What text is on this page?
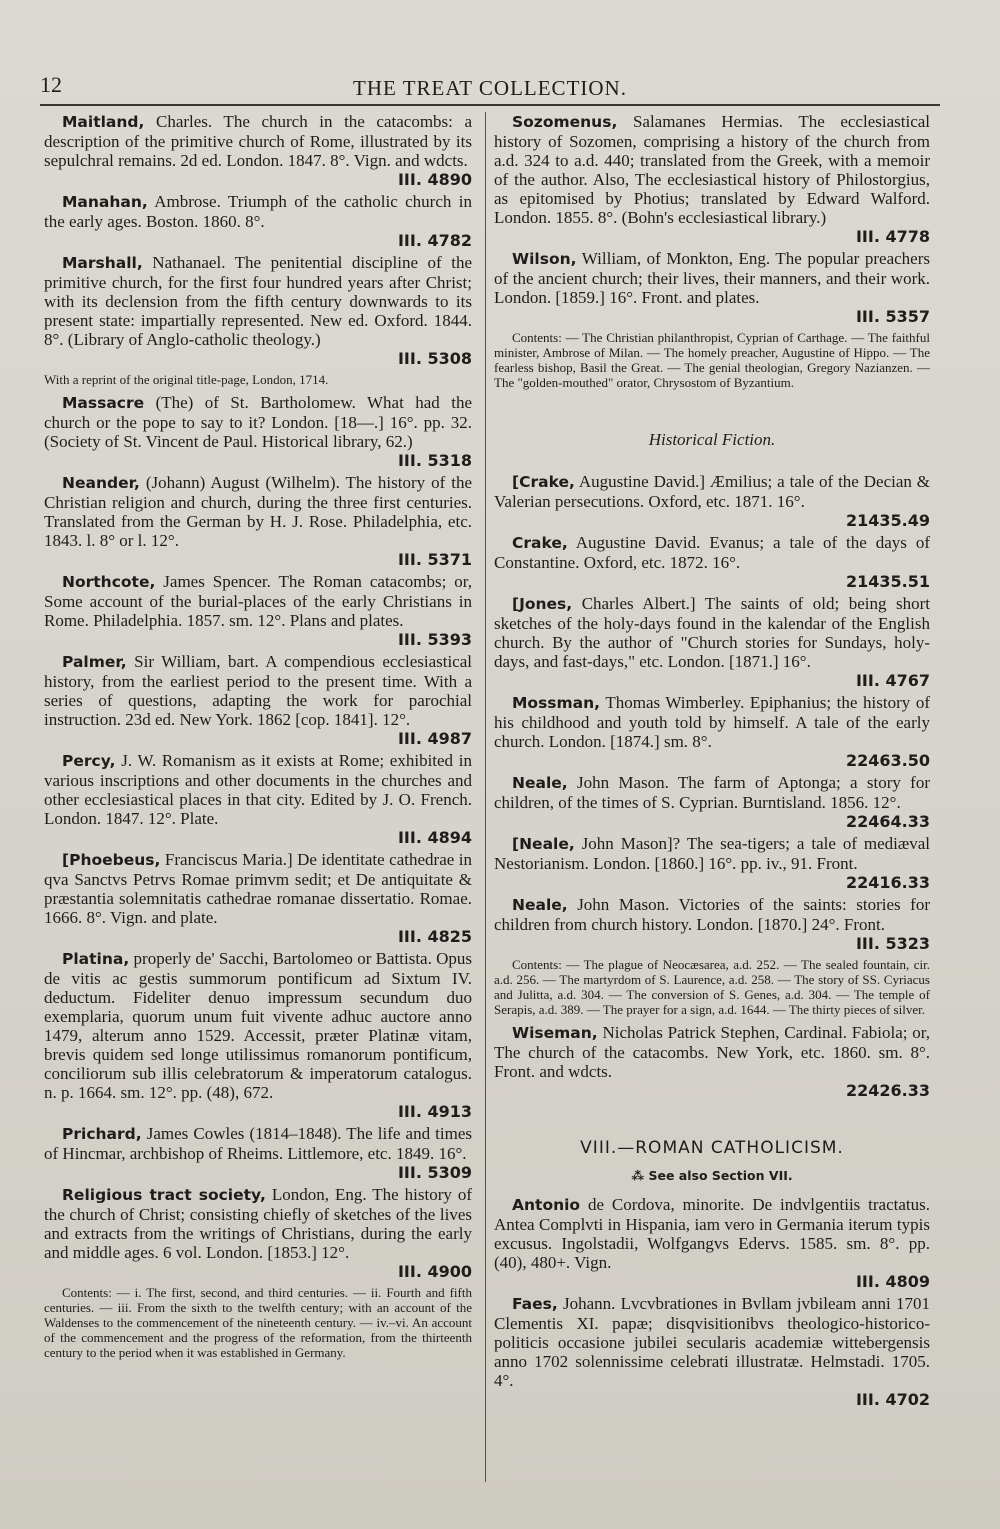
12	THE TREAT COLLECTION.
Maitland, Charles. The church in the catacombs: a description of the primitive church of Rome, illustrated by its sepulchral remains. 2d ed. London. 1847. 8°. Vign. and wdcts.
III. 4890
Manahan, Ambrose. Triumph of the catholic church in the early ages. Boston. 1860. 8°.
III. 4782
Marshall, Nathanael. The penitential discipline of the primitive church, for the first four hundred years after Christ; with its declension from the fifth century downwards to its present state: impartially represented. New ed. Oxford. 1844. 8°. (Library of Anglo-catholic theology.)
III. 5308
With a reprint of the original title-page, London, 1714.
Massacre (The) of St. Bartholomew. What had the church or the pope to say to it? London. [18—.] 16°. pp. 32. (Society of St. Vincent de Paul. Historical library, 62.)
III. 5318
Neander, (Johann) August (Wilhelm). The history of the Christian religion and church, during the three first centuries. Translated from the German by H. J. Rose. Philadelphia, etc. 1843. l. 8° or l. 12°.
III. 5371
Northcote, James Spencer. The Roman catacombs; or, Some account of the burial-places of the early Christians in Rome. Philadelphia. 1857. sm. 12°. Plans and plates.
III. 5393
Palmer, Sir William, bart. A compendious ecclesiastical history, from the earliest period to the present time. With a series of questions, adapting the work for parochial instruction. 23d ed. New York. 1862 [cop. 1841]. 12°.
III. 4987
Percy, J. W. Romanism as it exists at Rome; exhibited in various inscriptions and other documents in the churches and other ecclesiastical places in that city. Edited by J. O. French. London. 1847. 12°. Plate.
III. 4894
[Phoebeus, Franciscus Maria.] De identitate cathedrae in qva Sanctvs Petrvs Romae primvm sedit; et De antiquitate & præstantia solemnitatis cathedrae romanae dissertatio. Romae. 1666. 8°. Vign. and plate.
III. 4825
Platina, properly de' Sacchi, Bartolomeo or Battista. Opus de vitis ac gestis summorum pontificum ad Sixtum IV. deductum. Fideliter denuo impressum secundum duo exemplaria, quorum unum fuit vivente adhuc auctore anno 1479, alterum anno 1529. Accessit, præter Platinæ vitam, brevis quidem sed longe utilissimus romanorum pontificum, conciliorum sub illis celebratorum & imperatorum catalogus. n. p. 1664. sm. 12°. pp. (48), 672.
III. 4913
Prichard, James Cowles (1814–1848). The life and times of Hincmar, archbishop of Rheims. Littlemore, etc. 1849. 16°.
III. 5309
Religious tract society, London, Eng. The history of the church of Christ; consisting chiefly of sketches of the lives and extracts from the writings of Christians, during the early and middle ages. 6 vol. London. [1853.] 12°.
III. 4900
Contents: — i. The first, second, and third centuries. — ii. Fourth and fifth centuries. — iii. From the sixth to the twelfth century; with an account of the Waldenses to the commencement of the nineteenth century. — iv.–vi. An account of the commencement and the progress of the reformation, from the thirteenth century to the period when it was established in Germany.
Sozomenus, Salamanes Hermias. The ecclesiastical history of Sozomen, comprising a history of the church from a.d. 324 to a.d. 440; translated from the Greek, with a memoir of the author. Also, The ecclesiastical history of Philostorgius, as epitomised by Photius; translated by Edward Walford. London. 1855. 8°. (Bohn's ecclesiastical library.)
III. 4778
Wilson, William, of Monkton, Eng. The popular preachers of the ancient church; their lives, their manners, and their work. London. [1859.] 16°. Front. and plates.
III. 5357
Contents: — The Christian philanthropist, Cyprian of Carthage. — The faithful minister, Ambrose of Milan. — The homely preacher, Augustine of Hippo. — The fearless bishop, Basil the Great. — The genial theologian, Gregory Nazianzen. — The "golden-mouthed" orator, Chrysostom of Byzantium.
Historical Fiction.
[Crake, Augustine David.] Æmilius; a tale of the Decian & Valerian persecutions. Oxford, etc. 1871. 16°.
21435.49
Crake, Augustine David. Evanus; a tale of the days of Constantine. Oxford, etc. 1872. 16°.
21435.51
[Jones, Charles Albert.] The saints of old; being short sketches of the holy-days found in the kalendar of the English church. By the author of "Church stories for Sundays, holy-days, and fast-days," etc. London. [1871.] 16°.
III. 4767
Mossman, Thomas Wimberley. Epiphanius; the history of his childhood and youth told by himself. A tale of the early church. London. [1874.] sm. 8°.
22463.50
Neale, John Mason. The farm of Aptonga; a story for children, of the times of S. Cyprian. Burntisland. 1856. 12°.
22464.33
[Neale, John Mason]? The sea-tigers; a tale of mediæval Nestorianism. London. [1860.] 16°. pp. iv., 91. Front.
22416.33
Neale, John Mason. Victories of the saints: stories for children from church history. London. [1870.] 24°. Front.
III. 5323
Contents: — The plague of Neocæsarea, a.d. 252. — The sealed fountain, cir. a.d. 256. — The martyrdom of S. Laurence, a.d. 258. — The story of SS. Cyriacus and Julitta, a.d. 304. — The conversion of S. Genes, a.d. 304. — The temple of Serapis, a.d. 389. — The prayer for a sign, a.d. 1644. — The thirty pieces of silver.
Wiseman, Nicholas Patrick Stephen, Cardinal. Fabiola; or, The church of the catacombs. New York, etc. 1860. sm. 8°. Front. and wdcts.
22426.33
VIII.—ROMAN CATHOLICISM.
⁂ See also Section VII.
Antonio de Cordova, minorite. De indvlgentiis tractatus. Antea Complvti in Hispania, iam vero in Germania iterum typis excusus. Ingolstadii, Wolfgangvs Edervs. 1585. sm. 8°. pp. (40), 480+. Vign.
III. 4809
Faes, Johann. Lvcvbrationes in Bvllam jvbileam anni 1701 Clementis XI. papæ; disqvisitionibvs theologico-historico-politicis occasione jubilei secularis academiæ wittebergensis anno 1702 solennissime celebrati illustratæ. Helmstadi. 1705. 4°.
III. 4702
